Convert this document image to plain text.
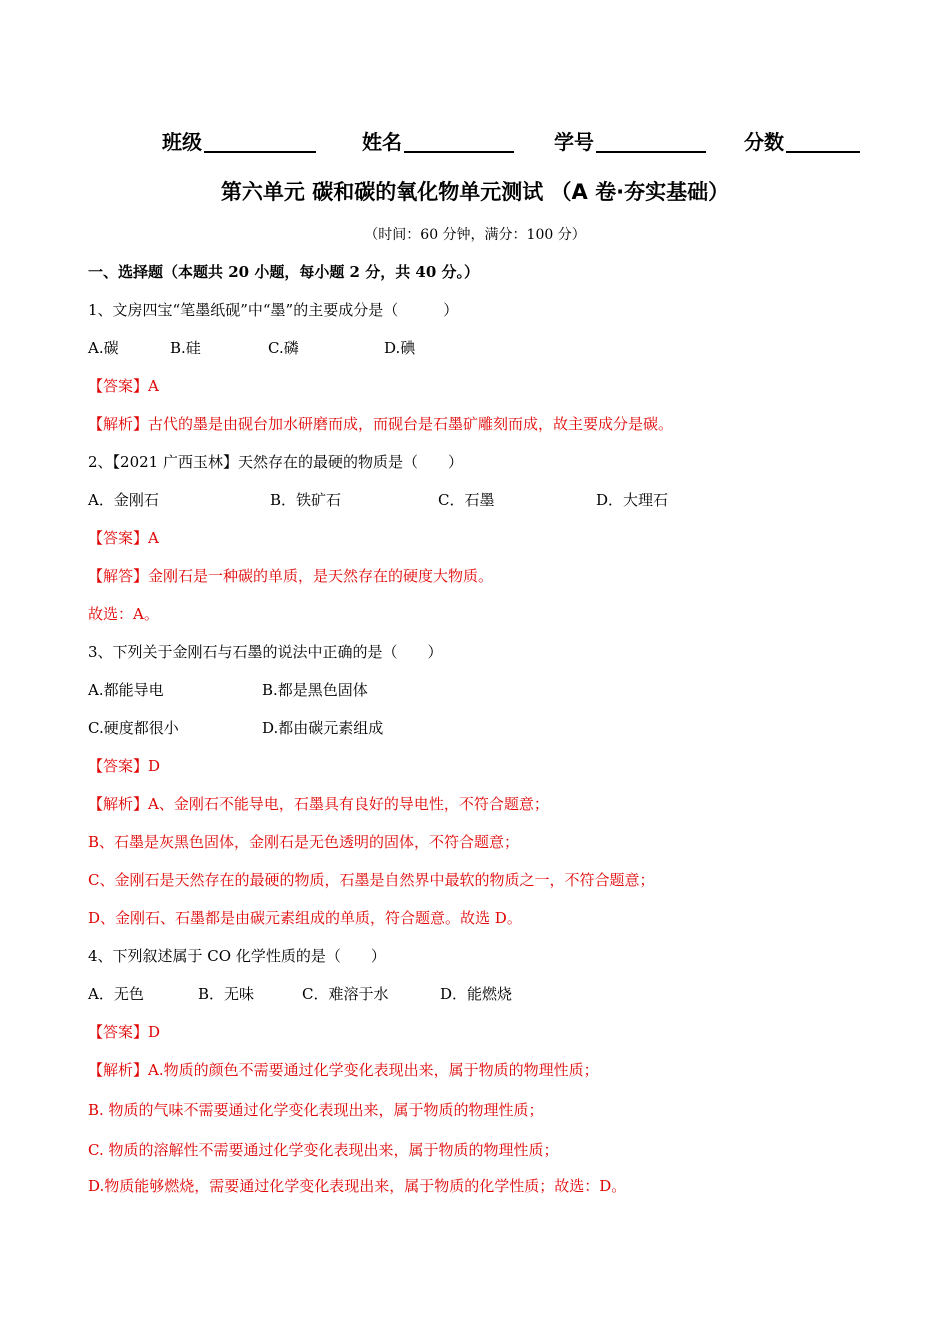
班级	姓名	学号	分数
第六单元 碳和碳的氧化物单元测试 （A 卷·夯实基础）
（时间：60 分钟，满分：100 分）
一、选择题（本题共 20 小题，每小题 2 分，共 40 分。）
1、文房四宝“笔墨纸砚”中“墨”的主要成分是（　　　）
A.碳	B.硅	C.磷	D.碘
【答案】A
【解析】古代的墨是由砚台加水研磨而成，而砚台是石墨矿雕刻而成，故主要成分是碳。
2、【2021 广西玉林】天然存在的最硬的物质是（　　）
A．金刚石	B．铁矿石	C．石墨	D．大理石
【答案】A
【解答】金刚石是一种碳的单质，是天然存在的硬度大物质。
故选：A。
3、下列关于金刚石与石墨的说法中正确的是（　　）
A.都能导电	B.都是黑色固体
C.硬度都很小	D.都由碳元素组成
【答案】D
【解析】A、金刚石不能导电，石墨具有良好的导电性，不符合题意；
B、石墨是灰黑色固体，金刚石是无色透明的固体，不符合题意；
C、金刚石是天然存在的最硬的物质，石墨是自然界中最软的物质之一，不符合题意；
D、金刚石、石墨都是由碳元素组成的单质，符合题意。故选 D。
4、下列叙述属于 CO 化学性质的是（　　）
A．无色	B．无味	C．难溶于水	D．能燃烧
【答案】D
【解析】A.物质的颜色不需要通过化学变化表现出来，属于物质的物理性质；
B. 物质的气味不需要通过化学变化表现出来，属于物质的物理性质；
C. 物质的溶解性不需要通过化学变化表现出来，属于物质的物理性质；
D.物质能够燃烧，需要通过化学变化表现出来，属于物质的化学性质；故选：D。
